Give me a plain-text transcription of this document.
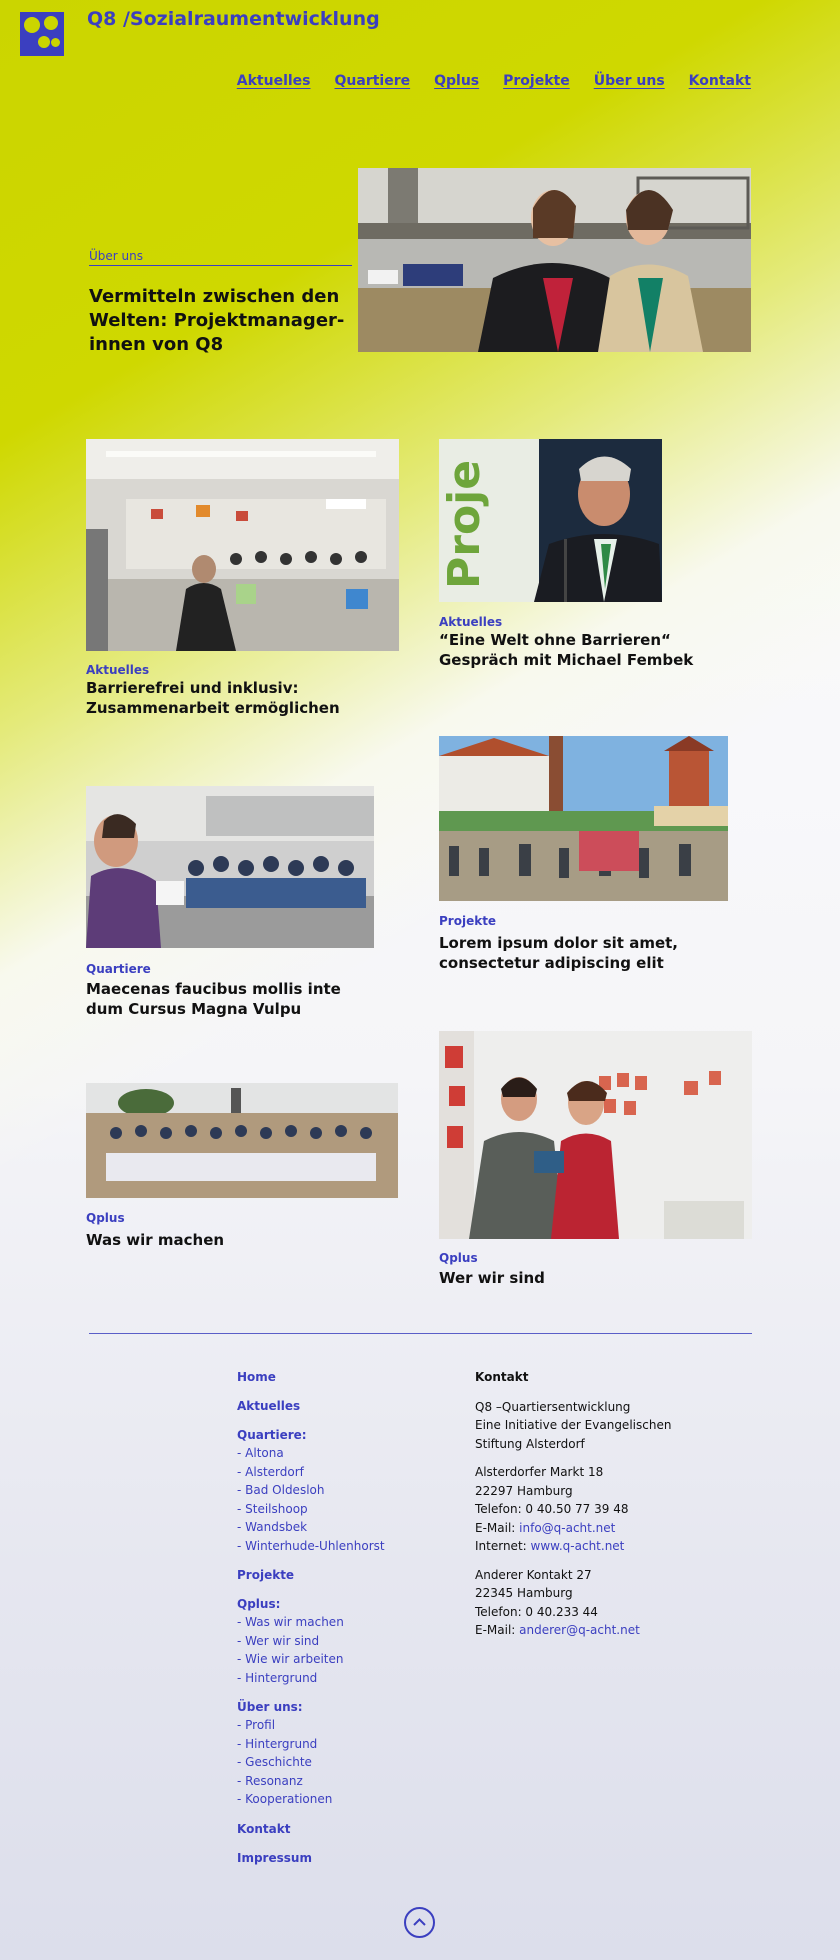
Q8 /Sozialraumentwicklung
Aktuelles Quartiere Qplus Projekte Über uns Kontakt
Über uns
Vermitteln zwischen den Welten: Projektmanager-innen von Q8
Aktuelles
Barrierefrei und inklusiv: Zusammenarbeit ermöglichen
Proje
Aktuelles
“Eine Welt ohne Barrieren“ Gespräch mit Michael Fembek
Quartiere
Maecenas faucibus mollis inte dum Cursus Magna Vulpu
Projekte
Lorem ipsum dolor sit amet, consectetur adipiscing elit
Qplus
Was wir machen
Qplus
Wer wir sind
Home
Aktuelles
Quartiere:
- Altona
- Alsterdorf
- Bad Oldesloh
- Steilshoop
- Wandsbek
- Winterhude-Uhlenhorst
Projekte
Qplus:
- Was wir machen
- Wer wir sind
- Wie wir arbeiten
- Hintergrund
Über uns:
- Profil
- Hintergrund
- Geschichte
- Resonanz
- Kooperationen
Kontakt
Impressum
Kontakt
Q8 –Quartiersentwicklung
Eine Initiative der Evangelischen
Stiftung Alsterdorf
Alsterdorfer Markt 18
22297 Hamburg
Telefon: 0 40.50 77 39 48
E-Mail: info@q-acht.net
Internet: www.q-acht.net
Anderer Kontakt 27
22345 Hamburg
Telefon: 0 40.233 44
E-Mail: anderer@q-acht.net
